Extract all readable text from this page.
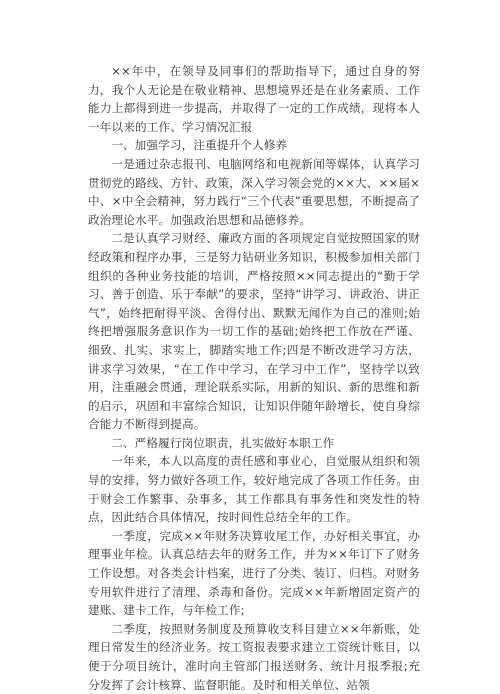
××年中，在领导及同事们的帮助指导下，通过自身的努力，我个人无论是在敬业精神、思想境界还是在业务素质、工作能力上都得到进一步提高，并取得了一定的工作成绩，现将本人一年以来的工作、学习情况汇报

一、加强学习，注重提升个人修养

一是通过杂志报刊、电脑网络和电视新闻等媒体，认真学习贯彻党的路线、方针、政策，深入学习领会党的××大、××届×中、×中全会精神，努力践行“三个代表”重要思想，不断提高了政治理论水平。加强政治思想和品德修养。

二是认真学习财经、廉政方面的各项规定自觉按照国家的财经政策和程序办事，三是努力钻研业务知识，积极参加相关部门组织的各种业务技能的培训，严格按照××同志提出的“勤于学习、善于创造、乐于奉献”的要求，坚持“讲学习、讲政治、讲正气”，始终把耐得平淡、舍得付出、默默无闻作为自己的准则;始终把增强服务意识作为一切工作的基础;始终把工作放在严谨、细致、扎实、求实上，脚踏实地工作;四是不断改进学习方法，讲求学习效果，“在工作中学习，在学习中工作”，坚持学以致用，注重融会贯通，理论联系实际，用新的知识、新的思维和新的启示，巩固和丰富综合知识，让知识伴随年龄增长，使自身综合能力不断得到提高。

二、严格履行岗位职责，扎实做好本职工作

一年来，本人以高度的责任感和事业心，自觉服从组织和领导的安排，努力做好各项工作，较好地完成了各项工作任务。由于财会工作繁事、杂事多，其工作都具有事务性和突发性的特点，因此结合具体情况，按时间性总结全年的工作。

一季度，完成××年财务决算收尾工作，办好相关事宜，办理事业年检。认真总结去年的财务工作，并为××年订下了财务工作设想。对各类会计档案，进行了分类、装订、归档。对财务专用软件进行了清理、杀毒和备份。完成××年新增固定资产的建账、建卡工作，与年检工作;

二季度，按照财务制度及预算收支科目建立××年新账，处理日常发生的经济业务。按工资报表要求建立工资统计账目，以便于分项目统计，准时向主管部门报送财务、统计月报季报;充分发挥了会计核算、监督职能。及时和相关单位、站领
